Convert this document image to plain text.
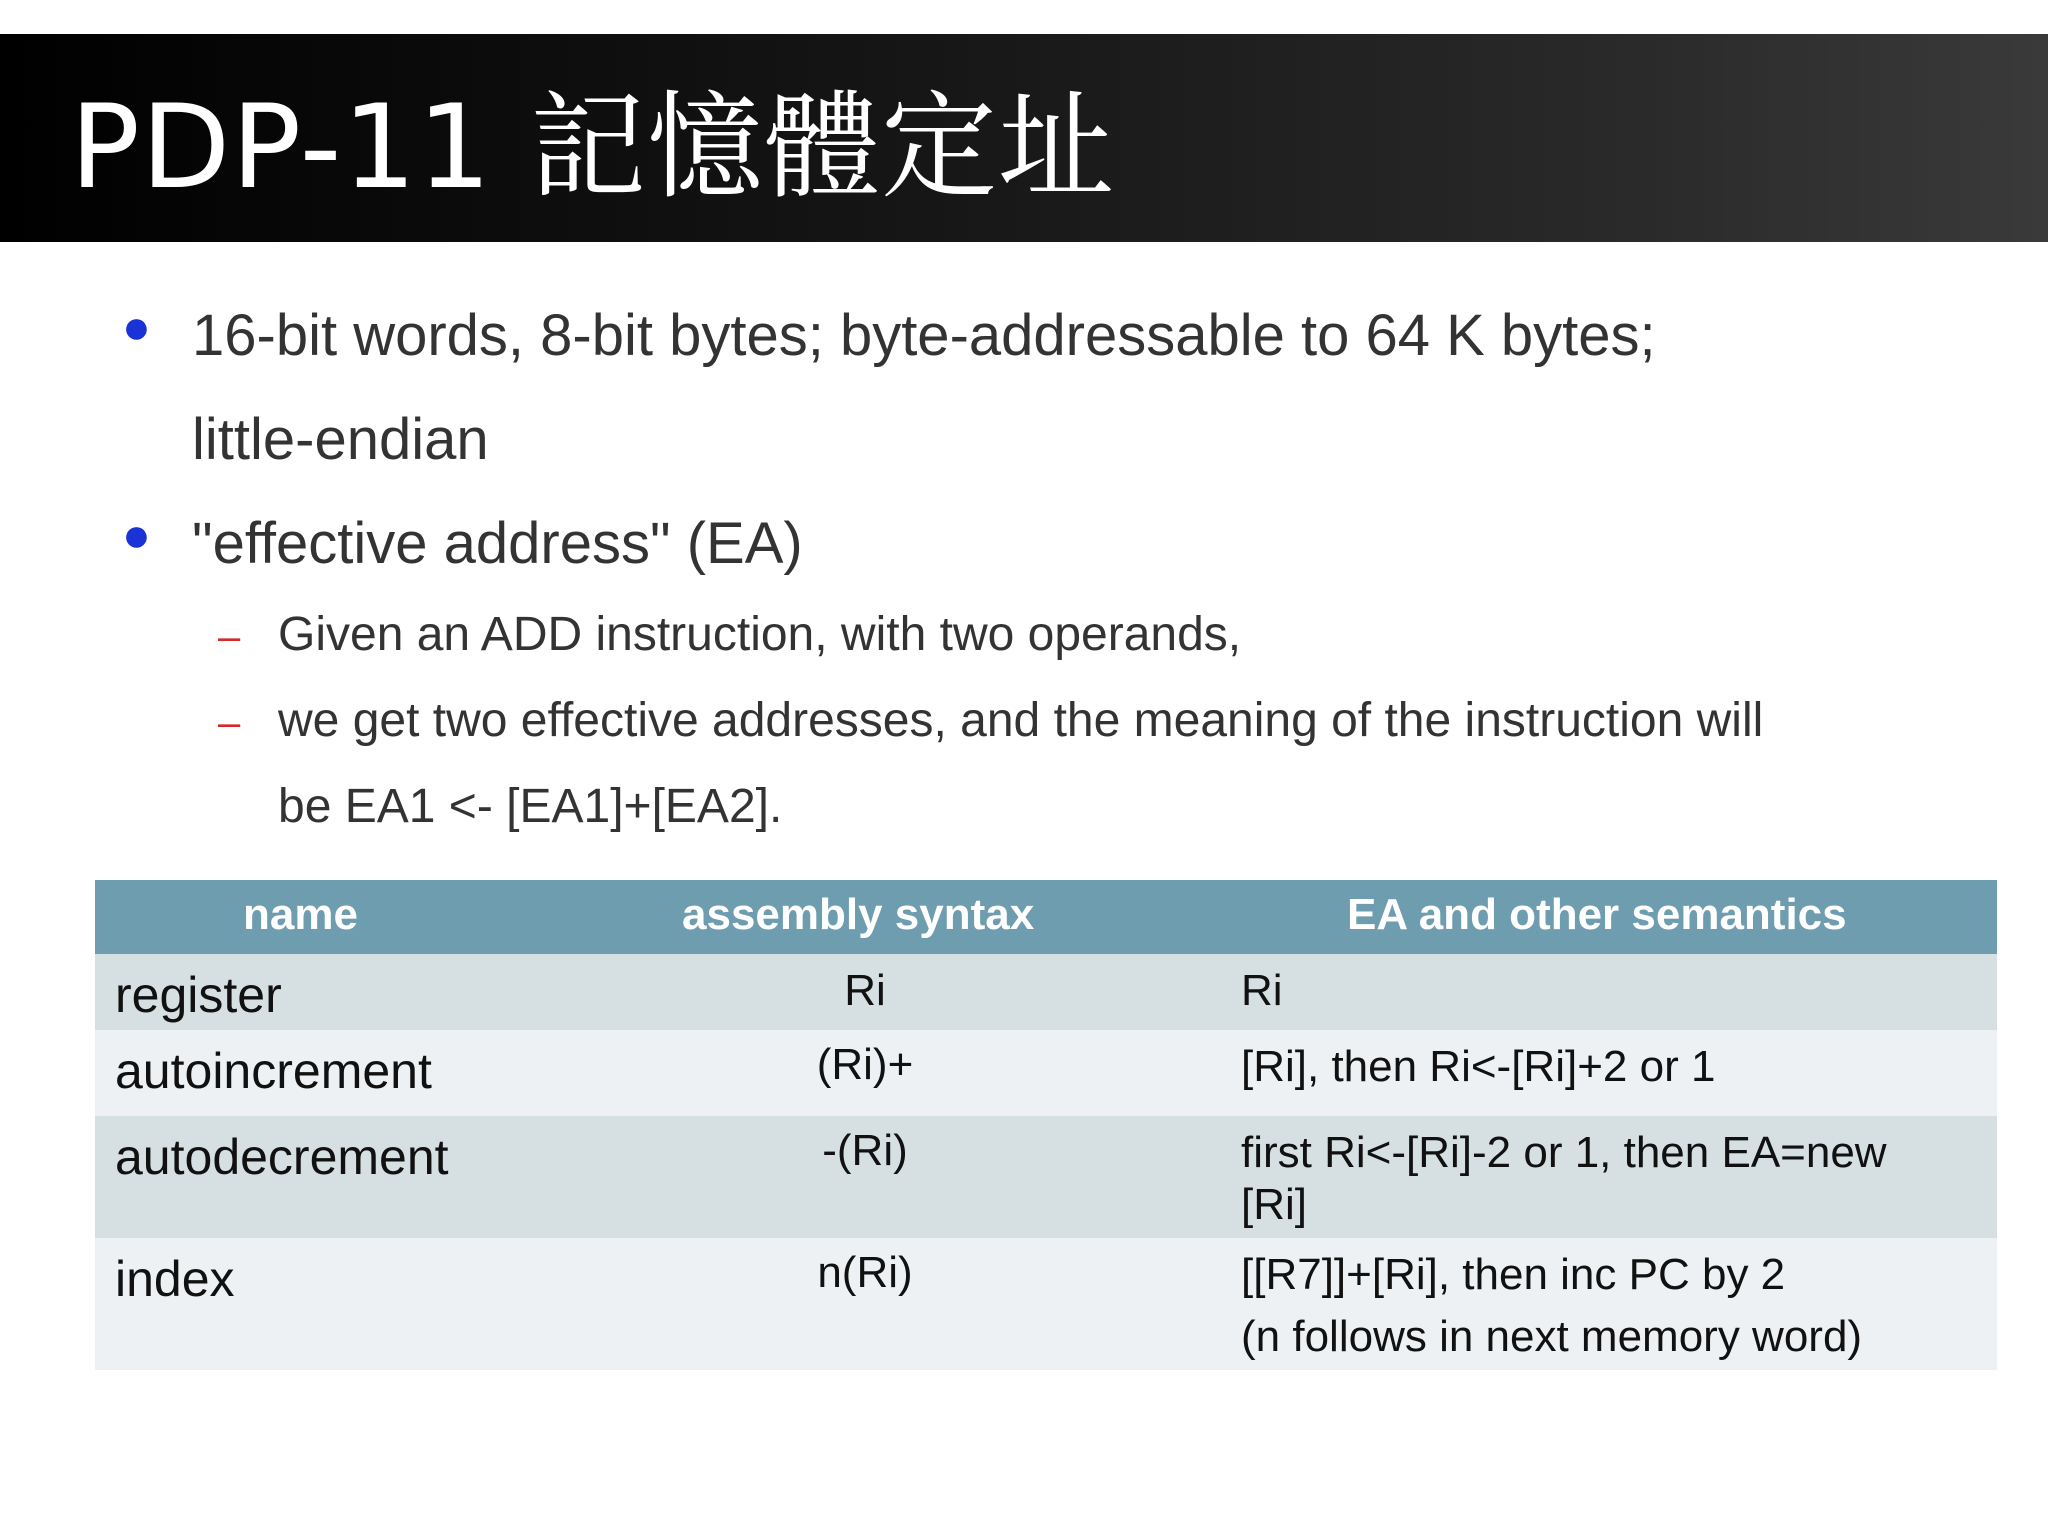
PDP-11 記憶體定址
● 16-bit words, 8-bit bytes; byte-addressable to 64 K bytes;
little-endian
● "effective address" (EA)
– Given an ADD instruction, with two operands,
– we get two effective addresses, and the meaning of the instruction will
be EA1 <- [EA1]+[EA2].
name	assembly syntax	EA and other semantics
register	Ri	Ri
autoincrement	(Ri)+	[Ri], then Ri<-[Ri]+2 or 1
autodecrement	-(Ri)	first Ri<-[Ri]-2 or 1, then EA=new
[Ri]
index	n(Ri)	[[R7]]+[Ri], then inc PC by 2
(n follows in next memory word)
